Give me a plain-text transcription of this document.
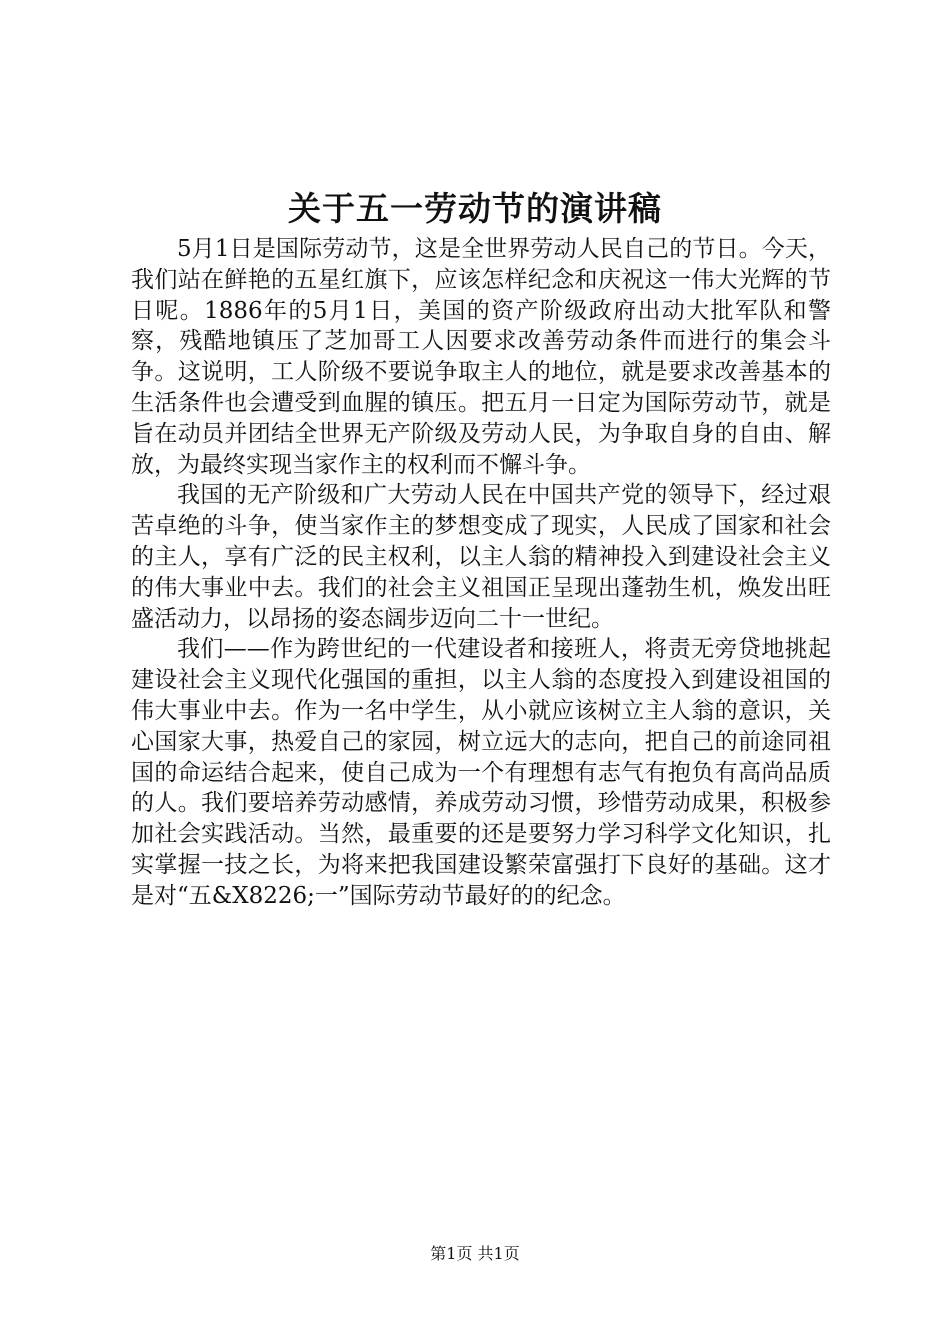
关于五一劳动节的演讲稿

5月1日是国际劳动节，这是全世界劳动人民自己的节日。今天，我们站在鲜艳的五星红旗下，应该怎样纪念和庆祝这一伟大光辉的节日呢。1886年的5月1日，美国的资产阶级政府出动大批军队和警察，残酷地镇压了芝加哥工人因要求改善劳动条件而进行的集会斗争。这说明，工人阶级不要说争取主人的地位，就是要求改善基本的生活条件也会遭受到血腥的镇压。把五月一日定为国际劳动节，就是旨在动员并团结全世界无产阶级及劳动人民，为争取自身的自由、解放，为最终实现当家作主的权利而不懈斗争。

我国的无产阶级和广大劳动人民在中国共产党的领导下，经过艰苦卓绝的斗争，使当家作主的梦想变成了现实，人民成了国家和社会的主人，享有广泛的民主权利，以主人翁的精神投入到建设社会主义的伟大事业中去。我们的社会主义祖国正呈现出蓬勃生机，焕发出旺盛活动力，以昂扬的姿态阔步迈向二十一世纪。

我们——作为跨世纪的一代建设者和接班人，将责无旁贷地挑起建设社会主义现代化强国的重担，以主人翁的态度投入到建设祖国的伟大事业中去。作为一名中学生，从小就应该树立主人翁的意识，关心国家大事，热爱自己的家园，树立远大的志向，把自己的前途同祖国的命运结合起来，使自己成为一个有理想有志气有抱负有高尚品质的人。我们要培养劳动感情，养成劳动习惯，珍惜劳动成果，积极参加社会实践活动。当然，最重要的还是要努力学习科学文化知识，扎实掌握一技之长，为将来把我国建设繁荣富强打下良好的基础。这才是对“五&X8226;一”国际劳动节最好的的纪念。

第1页 共1页
